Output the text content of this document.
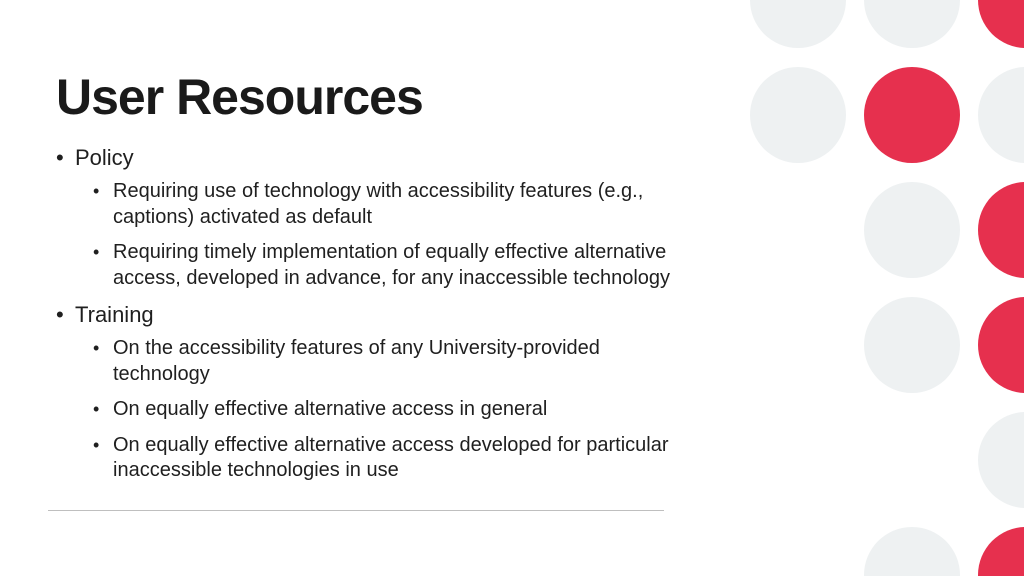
User Resources
• Policy
• Requiring use of technology with accessibility features (e.g., captions) activated as default
• Requiring timely implementation of equally effective alternative access, developed in advance, for any inaccessible technology
• Training
• On the accessibility features of any University-provided technology
• On equally effective alternative access in general
• On equally effective alternative access developed for particular inaccessible technologies in use
